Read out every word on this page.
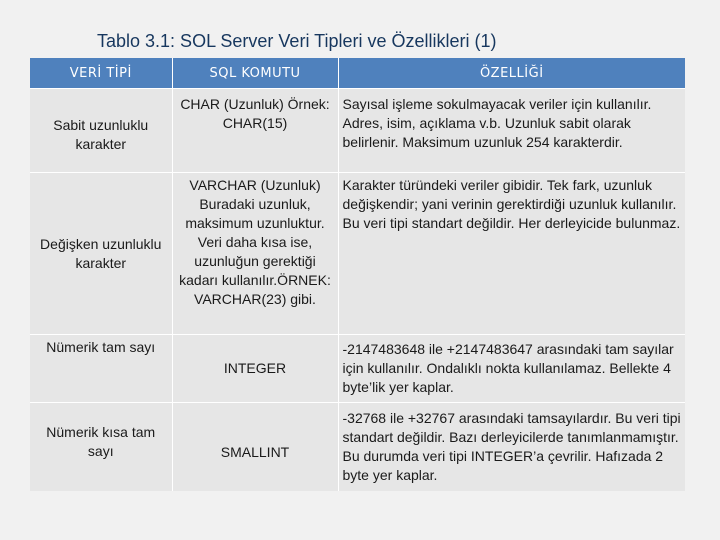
Tablo 3.1: SOL Server Veri Tipleri ve Özellikleri (1)
VERİ TİPİ	SQL KOMUTU	ÖZELLİĞİ
Sabit uzunluklu karakter	CHAR (Uzunluk) Örnek: CHAR(15)	Sayısal işleme sokulmayacak veriler için kullanılır. Adres, isim, açıklama v.b. Uzunluk sabit olarak belirlenir. Maksimum uzunluk 254 karakterdir.
Değişken uzunluklu karakter	VARCHAR (Uzunluk) Buradaki uzunluk, maksimum uzunluktur. Veri daha kısa ise, uzunluğun gerektiği kadarı kullanılır.ÖRNEK: VARCHAR(23) gibi.	Karakter türündeki veriler gibidir. Tek fark, uzunluk değişkendir; yani verinin gerektirdiği uzunluk kullanılır. Bu veri tipi standart değildir. Her derleyicide bulunmaz.
Nümerik tam sayı	INTEGER	-2147483648 ile +2147483647 arasındaki tam sayılar için kullanılır. Ondalıklı nokta kullanılamaz. Bellekte 4 byte’lik yer kaplar.
Nümerik kısa tam sayı	SMALLINT	-32768 ile +32767 arasındaki tamsayılardır. Bu veri tipi standart değildir. Bazı derleyicilerde tanımlanmamıştır. Bu durumda veri tipi INTEGER’a çevrilir. Hafızada 2 byte yer kaplar.
